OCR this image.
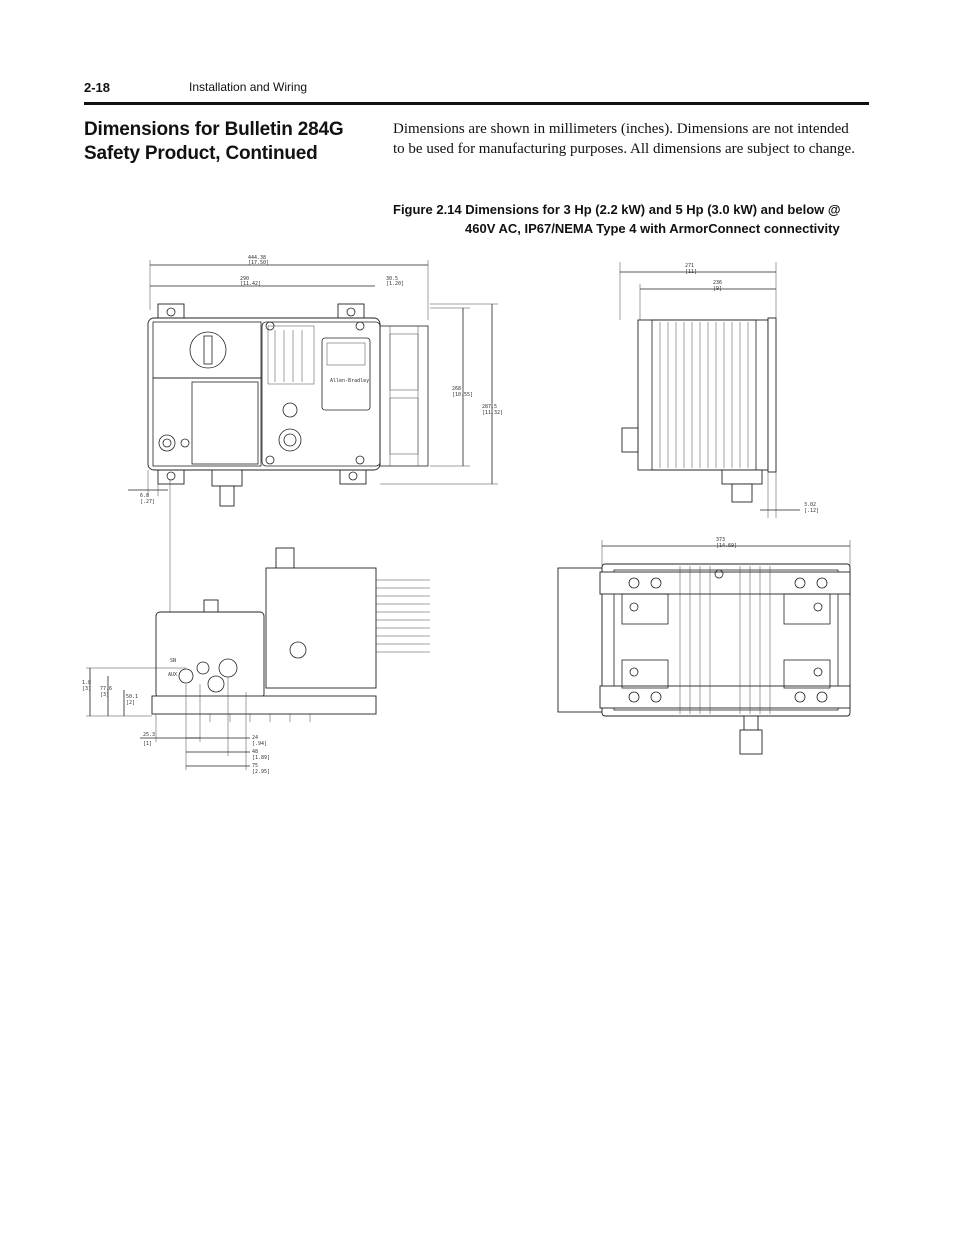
2-18	Installation and Wiring
Dimensions for Bulletin 284G
Safety Product, Continued
Dimensions are shown in millimeters (inches). Dimensions are not intended to be used for manufacturing purposes. All dimensions are subject to change.
Figure 2.14 Dimensions for 3 Hp (2.2 kW) and 5 Hp (3.0 kW) and below @
460V AC, IP67/NEMA Type 4 with ArmorConnect connectivity
Allen-Bradley
444.38
[17.50]
290
[11.42]
30.5
[1.20]
268
[10.55]
287.5
[11.32]
6.8
[.27]
271
[11]
236
[9]
3.02
[.12]
SN
AUX
1.8
[3] 77.6
[3]	50.1
[2]
25.3
[1]
24
[.94]
48
[1.89]
75
[2.95]
373
[14.69]
